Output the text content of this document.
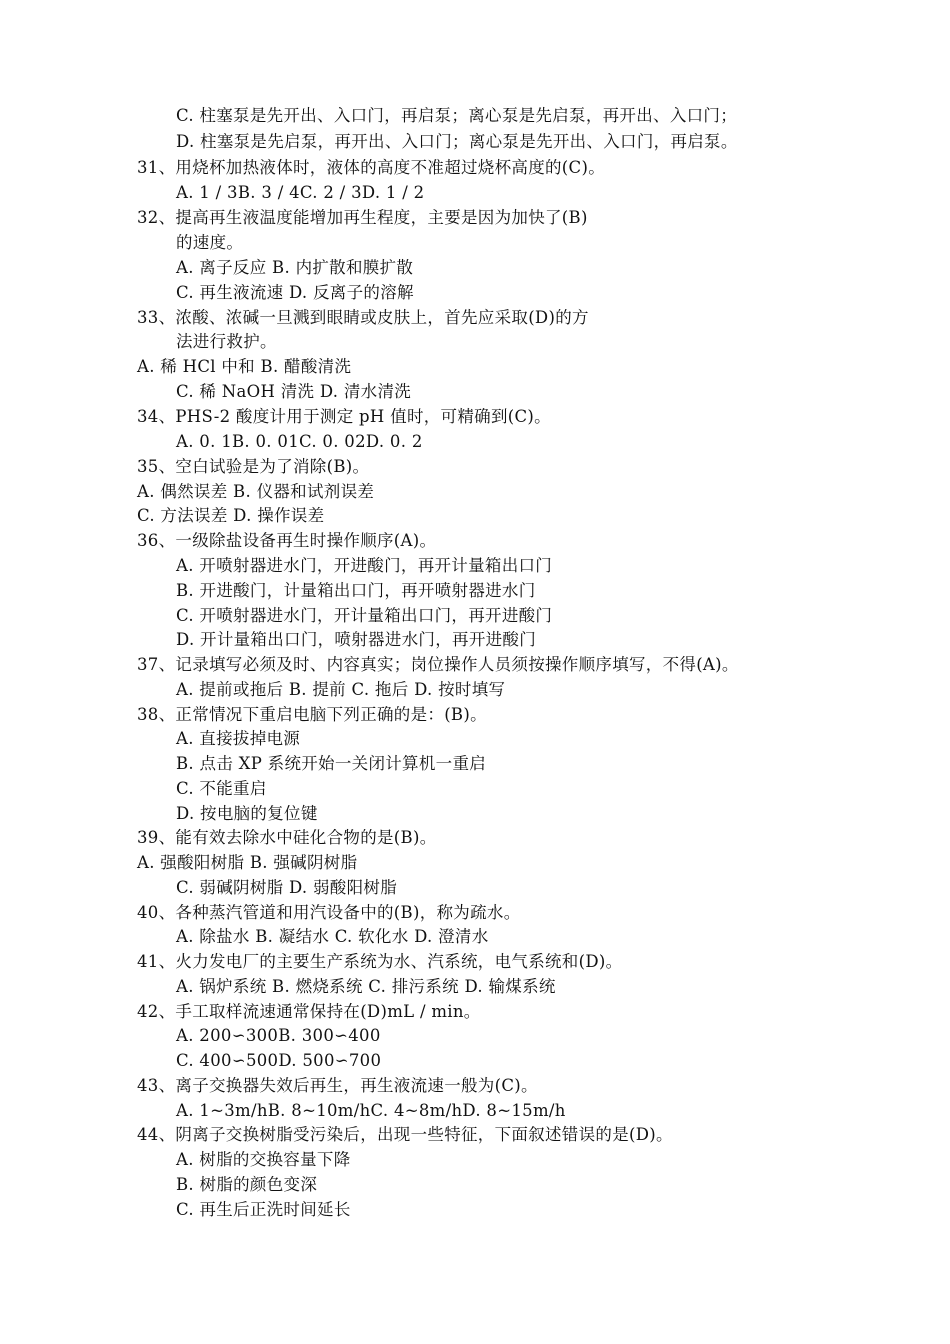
C. 柱塞泵是先开出、入口门，再启泵；离心泵是先启泵，再开出、入口门；
D. 柱塞泵是先启泵，再开出、入口门；离心泵是先开出、入口门，再启泵。
31、用烧杯加热液体时，液体的高度不准超过烧杯高度的(C)。
A. 1 / 3B. 3 / 4C. 2 / 3D. 1 / 2
32、提高再生液温度能增加再生程度，主要是因为加快了(B)
的速度。
A. 离子反应 B. 内扩散和膜扩散
C. 再生液流速 D. 反离子的溶解
33、浓酸、浓碱一旦溅到眼睛或皮肤上，首先应采取(D)的方
法进行救护。
A. 稀 HCl 中和 B. 醋酸清洗
C. 稀 NaOH 清洗 D. 清水清洗
34、PHS-2 酸度计用于测定 pH 值时，可精确到(C)。
A. 0. 1B. 0. 01C. 0. 02D. 0. 2
35、空白试验是为了消除(B)。
A. 偶然误差 B. 仪器和试剂误差
C. 方法误差 D. 操作误差
36、一级除盐设备再生时操作顺序(A)。
A. 开喷射器进水门，开进酸门，再开计量箱出口门
B. 开进酸门，计量箱出口门，再开喷射器进水门
C. 开喷射器进水门，开计量箱出口门，再开进酸门
D. 开计量箱出口门，喷射器进水门，再开进酸门
37、记录填写必须及时、内容真实；岗位操作人员须按操作顺序填写，不得(A)。
A. 提前或拖后 B. 提前 C. 拖后 D. 按时填写
38、正常情况下重启电脑下列正确的是：(B)。
A. 直接拔掉电源
B. 点击 XP 系统开始一关闭计算机一重启
C. 不能重启
D. 按电脑的复位键
39、能有效去除水中硅化合物的是(B)。
A. 强酸阳树脂 B. 强碱阴树脂
C. 弱碱阴树脂 D. 弱酸阳树脂
40、各种蒸汽管道和用汽设备中的(B)，称为疏水。
A. 除盐水 B. 凝结水 C. 软化水 D. 澄清水
41、火力发电厂的主要生产系统为水、汽系统，电气系统和(D)。
A. 锅炉系统 B. 燃烧系统 C. 排污系统 D. 输煤系统
42、手工取样流速通常保持在(D)mL / min。
A. 200∽300B. 300∽400
C. 400∽500D. 500∽700
43、离子交换器失效后再生，再生液流速一般为(C)。
A. 1~3m/hB. 8~10m/hC. 4~8m/hD. 8~15m/h
44、阴离子交换树脂受污染后，出现一些特征，下面叙述错误的是(D)。
A. 树脂的交换容量下降
B. 树脂的颜色变深
C. 再生后正洗时间延长
